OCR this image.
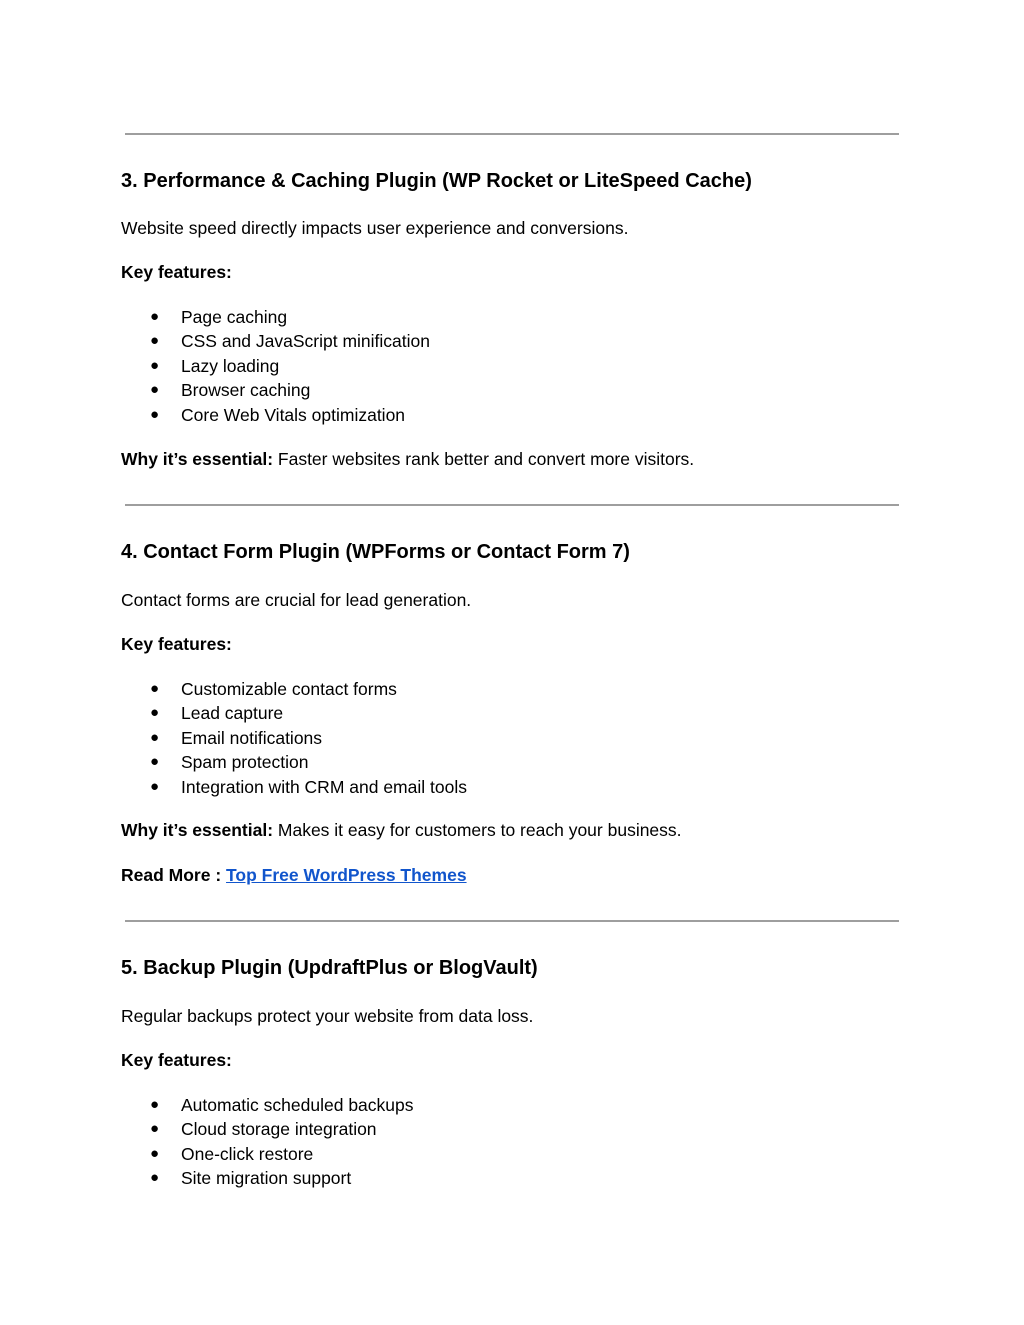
3. Performance & Caching Plugin (WP Rocket or LiteSpeed Cache)

Website speed directly impacts user experience and conversions.

Key features:

● Page caching
● CSS and JavaScript minification
● Lazy loading
● Browser caching
● Core Web Vitals optimization

Why it’s essential: Faster websites rank better and convert more visitors.

4. Contact Form Plugin (WPForms or Contact Form 7)

Contact forms are crucial for lead generation.

Key features:

● Customizable contact forms
● Lead capture
● Email notifications
● Spam protection
● Integration with CRM and email tools

Why it’s essential: Makes it easy for customers to reach your business.

Read More : Top Free WordPress Themes

5. Backup Plugin (UpdraftPlus or BlogVault)

Regular backups protect your website from data loss.

Key features:

● Automatic scheduled backups
● Cloud storage integration
● One-click restore
● Site migration support
